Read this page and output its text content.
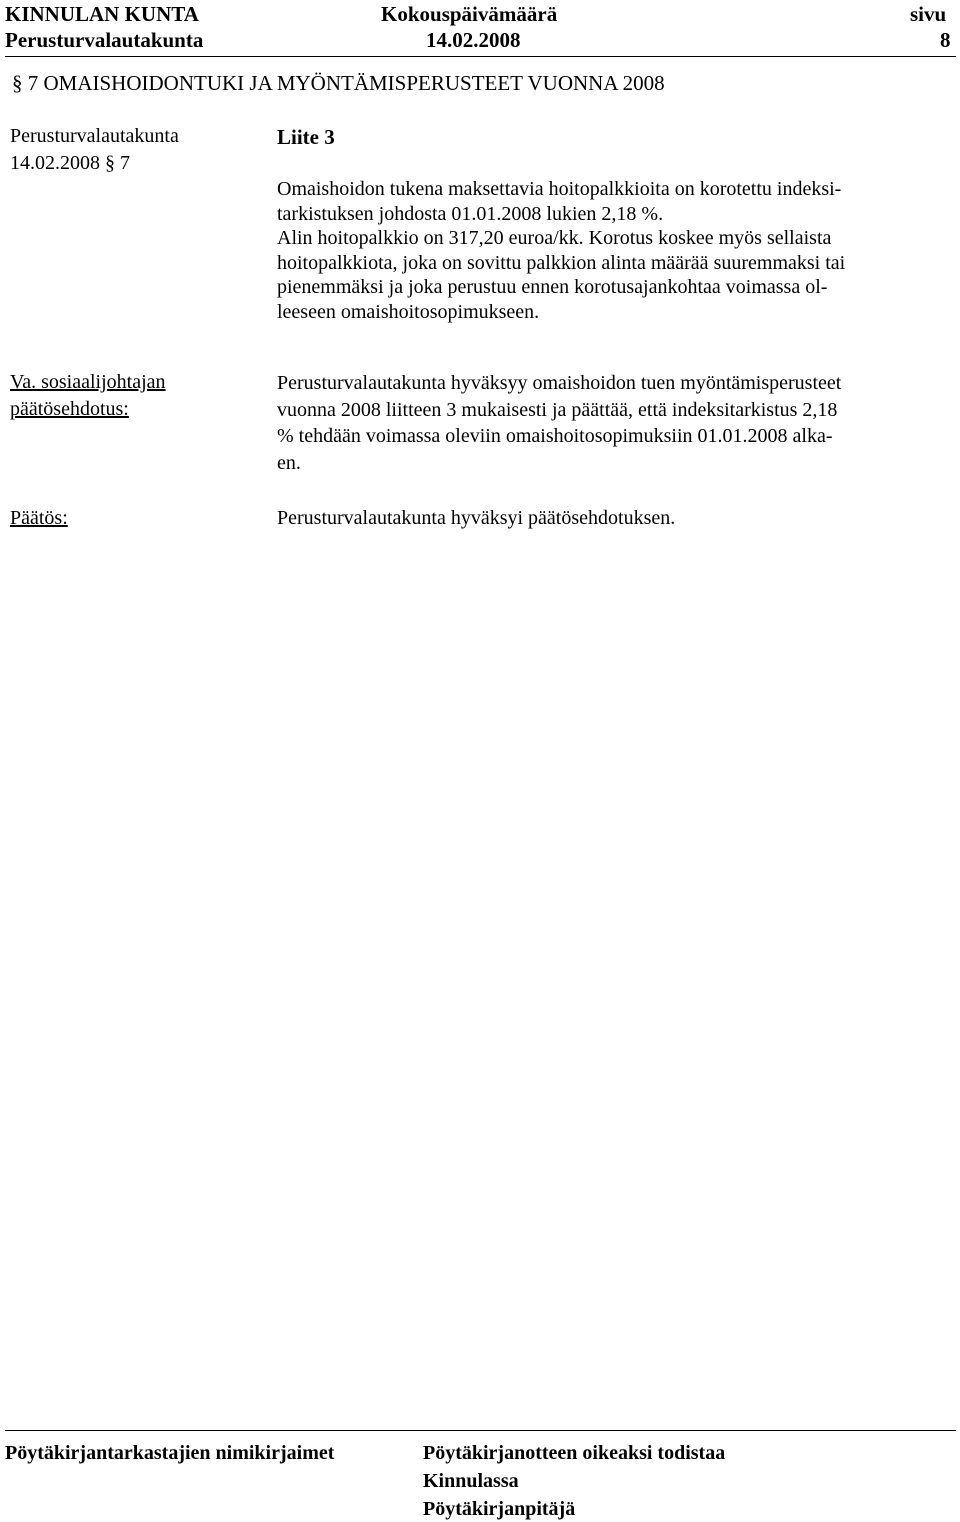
KINNULAN KUNTA
Perusturvalautakunta
Kokouspäivämäärä
14.02.2008
sivu
8
§ 7 OMAISHOIDONTUKI JA MYÖNTÄMISPERUSTEET VUONNA 2008
Perusturvalautakunta
14.02.2008 § 7
Liite 3
Omaishoidon tukena maksettavia hoitopalkkioita on korotettu indeksi-
tarkistuksen johdosta 01.01.2008 lukien 2,18 %.
Alin hoitopalkkio on 317,20 euroa/kk. Korotus koskee myös sellaista
hoitopalkkiota, joka on sovittu palkkion alinta määrää suuremmaksi tai
pienemmäksi ja joka perustuu ennen korotusajankohtaa voimassa ol-
leeseen omaishoitosopimukseen.
Va. sosiaalijohtajan
päätösehdotus:
Perusturvalautakunta hyväksyy omaishoidon tuen myöntämisperusteet
vuonna 2008 liitteen 3 mukaisesti ja päättää, että indeksitarkistus 2,18
% tehdään voimassa oleviin omaishoitosopimuksiin 01.01.2008 alka-
en.
Päätös:	Perusturvalautakunta hyväksyi päätösehdotuksen.
Pöytäkirjantarkastajien nimikirjaimet	Pöytäkirjanotteen oikeaksi todistaa
Kinnulassa
Pöytäkirjanpitäjä
